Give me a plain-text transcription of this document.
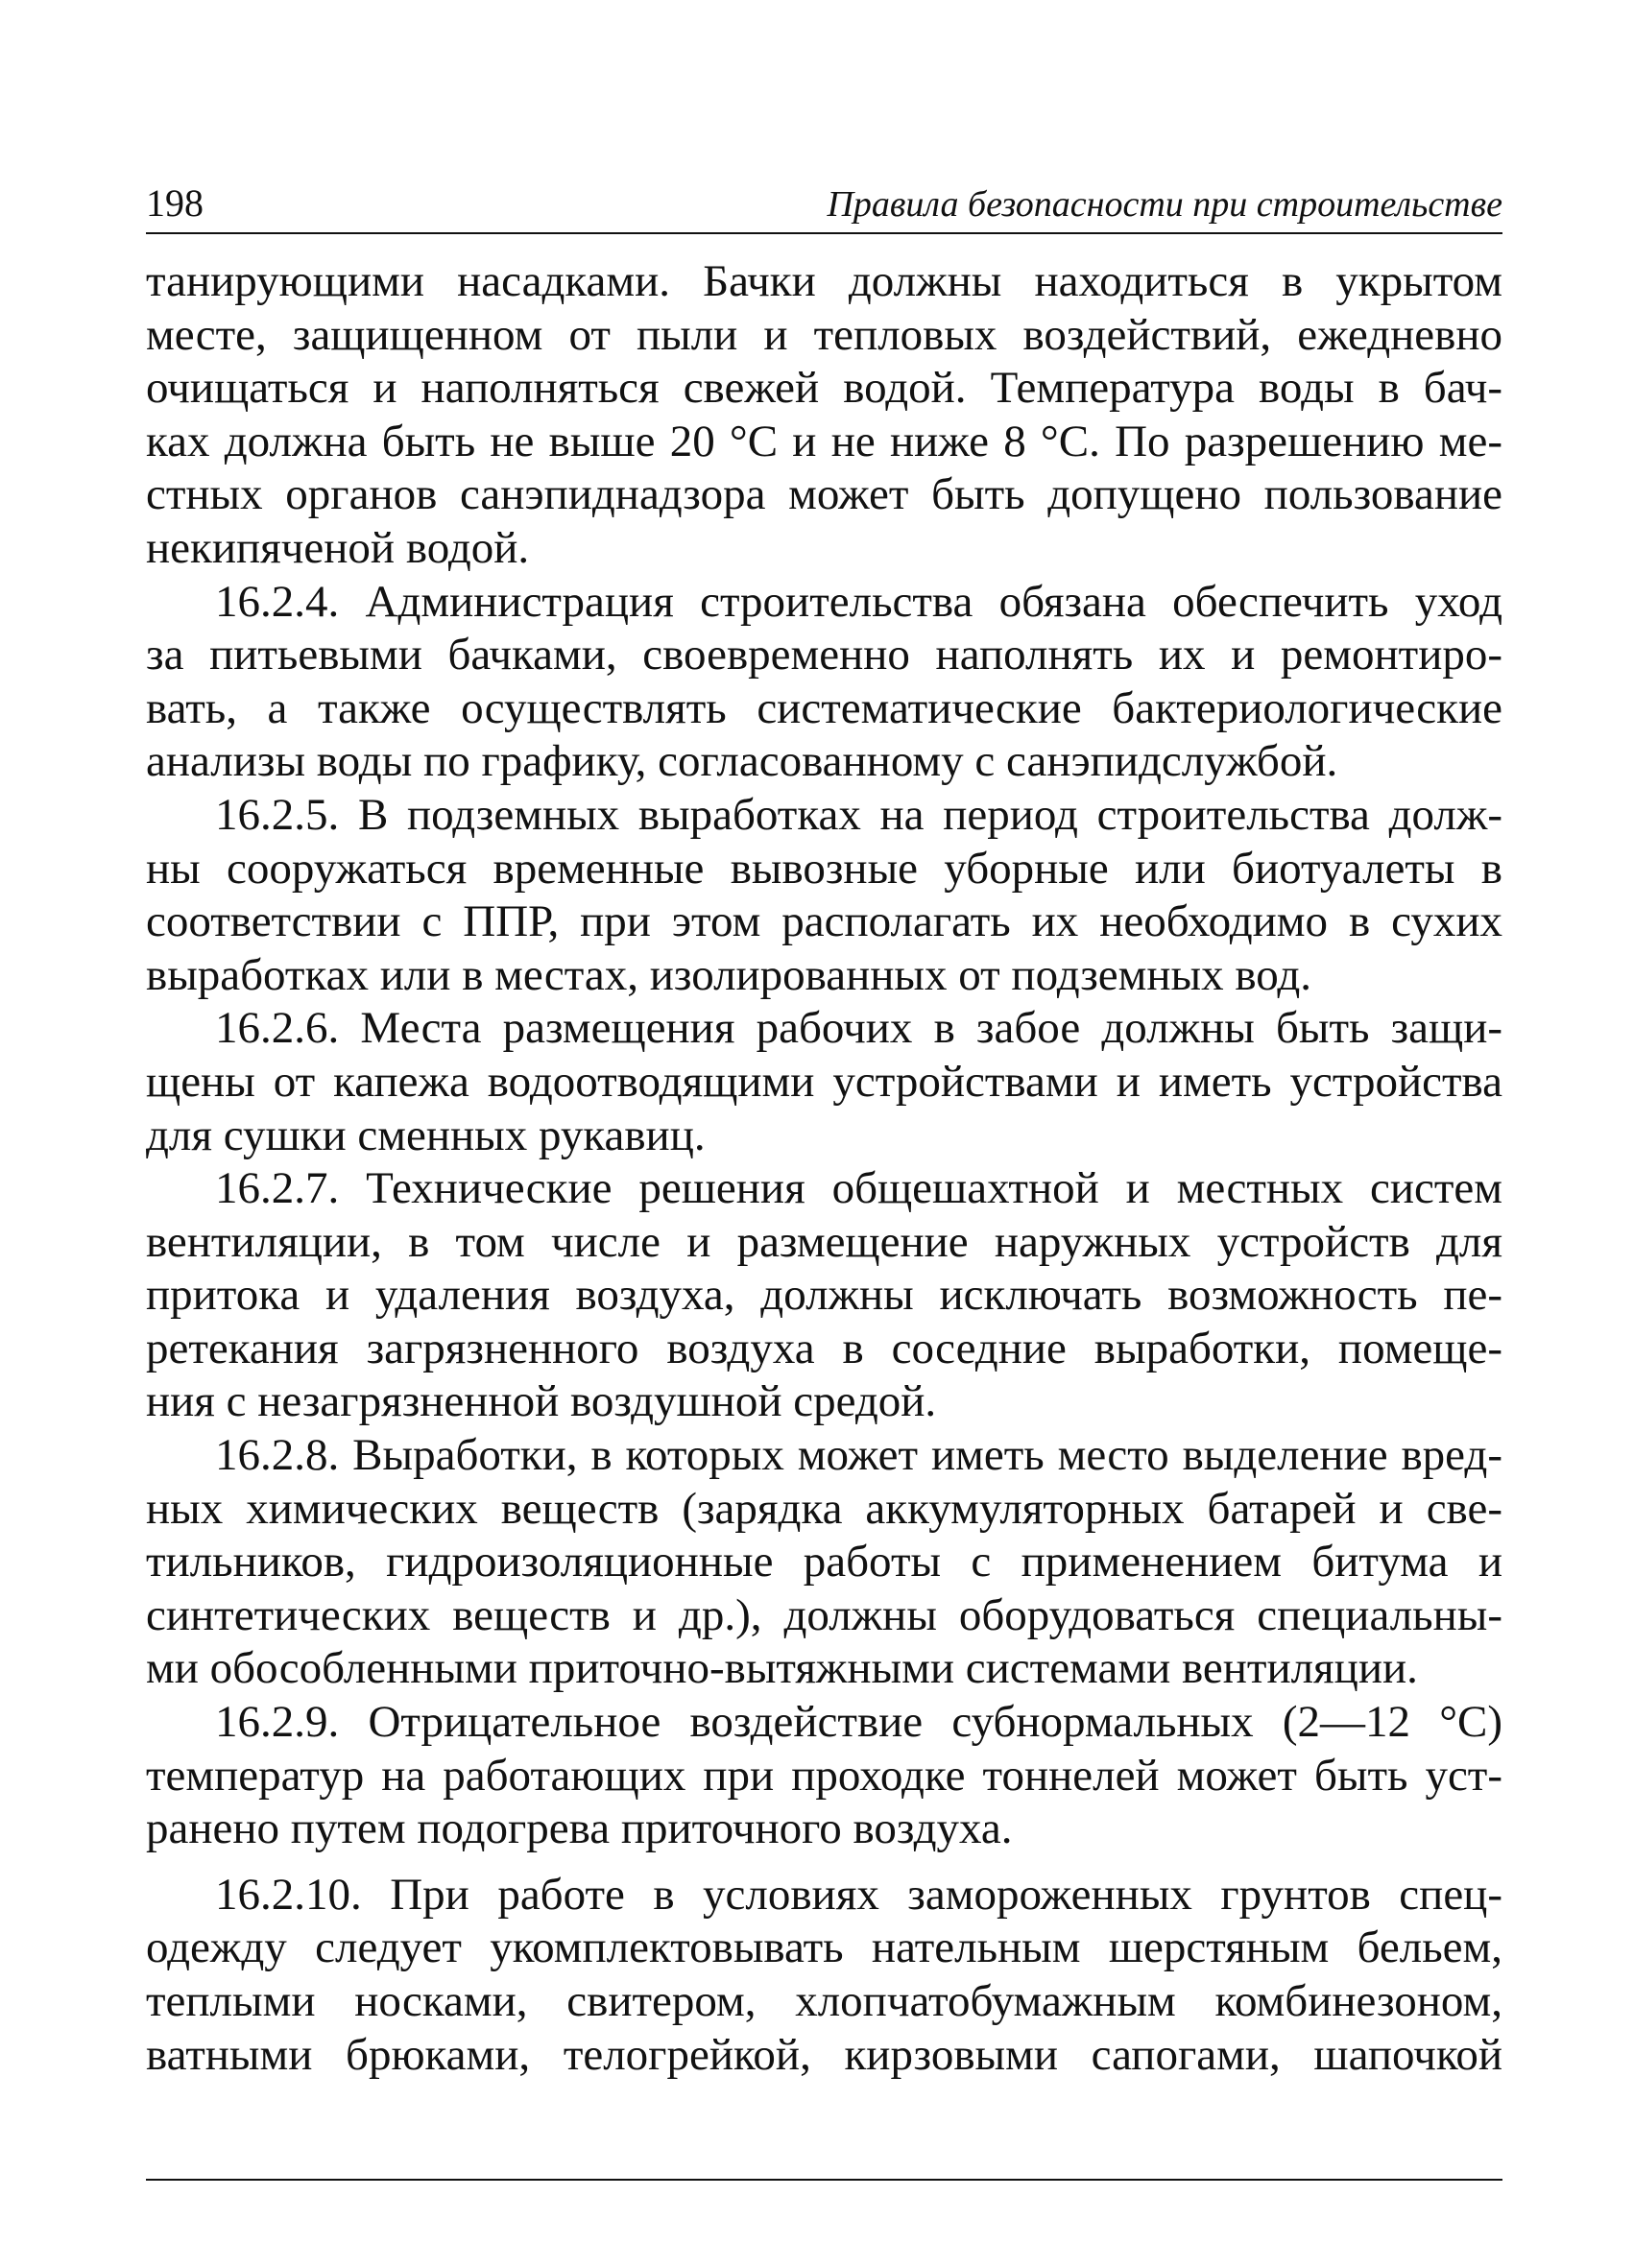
198	Правила безопасности при строительстве
танирующими насадками. Бачки должны находиться в укрытом
месте, защищенном от пыли и тепловых воздействий, ежедневно
очищаться и наполняться свежей водой. Температура воды в бач-
ках должна быть не выше 20 °С и не ниже 8 °С. По разрешению ме-
стных органов санэпиднадзора может быть допущено пользование
некипяченой водой.
16.2.4. Администрация строительства обязана обеспечить уход
за питьевыми бачками, своевременно наполнять их и ремонтиро-
вать, а также осуществлять систематические бактериологические
анализы воды по графику, согласованному с санэпидслужбой.
16.2.5. В подземных выработках на период строительства долж-
ны сооружаться временные вывозные уборные или биотуалеты в
соответствии с ППР, при этом располагать их необходимо в сухих
выработках или в местах, изолированных от подземных вод.
16.2.6. Места размещения рабочих в забое должны быть защи-
щены от капежа водоотводящими устройствами и иметь устройства
для сушки сменных рукавиц.
16.2.7. Технические решения общешахтной и местных систем
вентиляции, в том числе и размещение наружных устройств для
притока и удаления воздуха, должны исключать возможность пе-
ретекания загрязненного воздуха в соседние выработки, помеще-
ния с незагрязненной воздушной средой.
16.2.8. Выработки, в которых может иметь место выделение вред-
ных химических веществ (зарядка аккумуляторных батарей и све-
тильников, гидроизоляционные работы с применением битума и
синтетических веществ и др.), должны оборудоваться специальны-
ми обособленными приточно-вытяжными системами вентиляции.
16.2.9. Отрицательное воздействие субнормальных (2—12 °С)
температур на работающих при проходке тоннелей может быть уст-
ранено путем подогрева приточного воздуха.
16.2.10. При работе в условиях замороженных грунтов спец-
одежду следует укомплектовывать нательным шерстяным бельем,
теплыми носками, свитером, хлопчатобумажным комбинезоном,
ватными брюками, телогрейкой, кирзовыми сапогами, шапочкой
